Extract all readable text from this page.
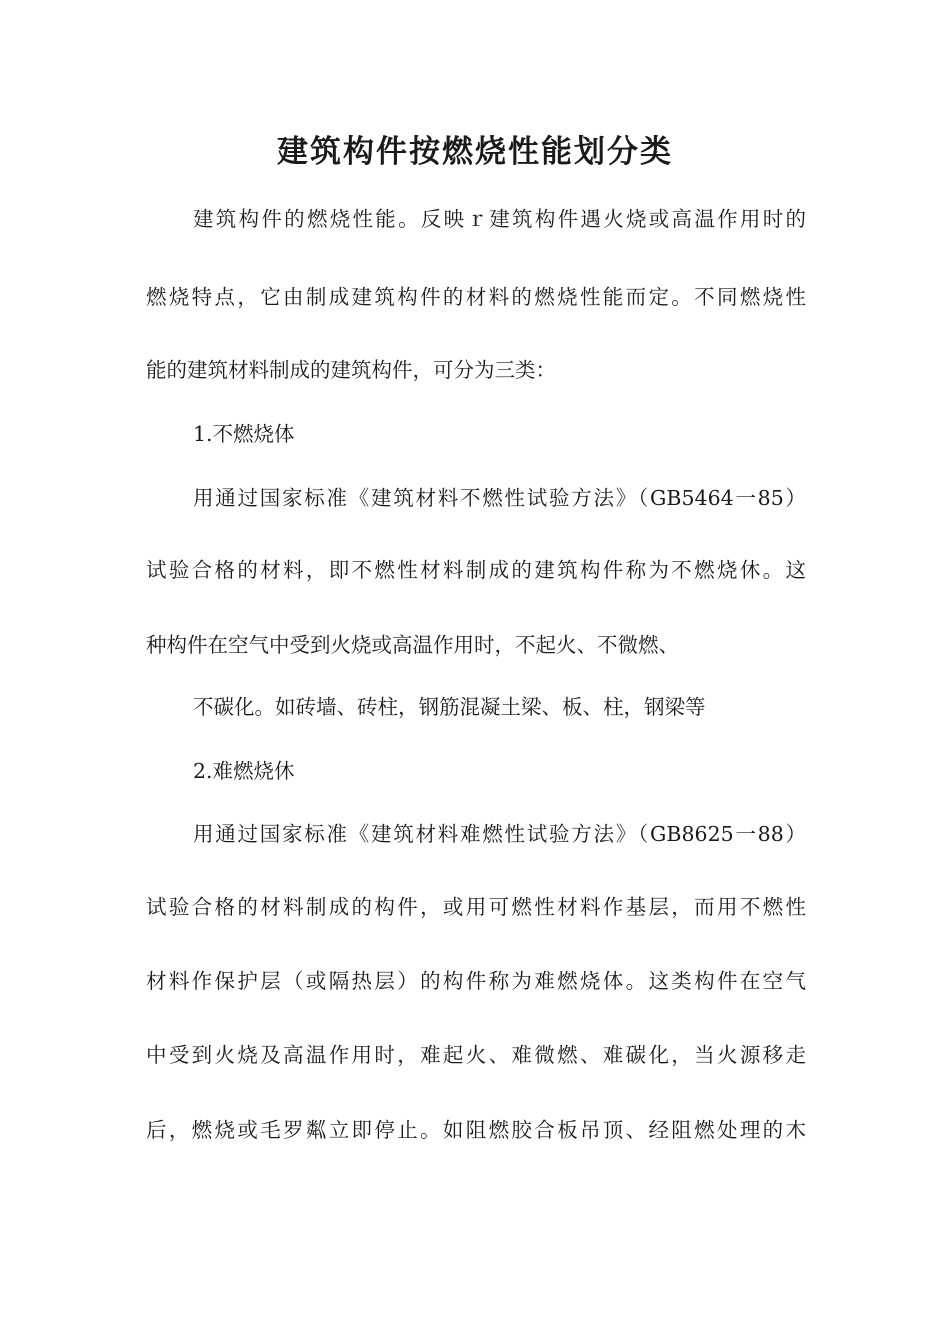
建筑构件按燃烧性能划分类
建筑构件的燃烧性能。反映ｒ建筑构件遇火烧或高温作用时的
燃烧特点，它由制成建筑构件的材料的燃烧性能而定。不同燃烧性
能的建筑材料制成的建筑构件，可分为三类：
1.不燃烧体
用通过国家标准《建筑材料不燃性试验方法》（GB5464一85）
试验合格的材料，即不燃性材料制成的建筑构件称为不燃烧休。这
种构件在空气中受到火烧或高温作用时，不起火、不微燃、
不碳化。如砖墙、砖柱，钢筋混凝土梁、板、柱，钢梁等
2.难燃烧休
用通过国家标准《建筑材料难燃性试验方法》（GB8625一88）
试验合格的材料制成的构件，或用可燃性材料作基层，而用不燃性
材料作保护层（或隔热层）的构件称为难燃烧体。这类构件在空气
中受到火烧及高温作用时，难起火、难微燃、难碳化，当火源移走
后，燃烧或毛罗粼立即停止。如阻燃胶合板吊顶、经阻燃处理的木
